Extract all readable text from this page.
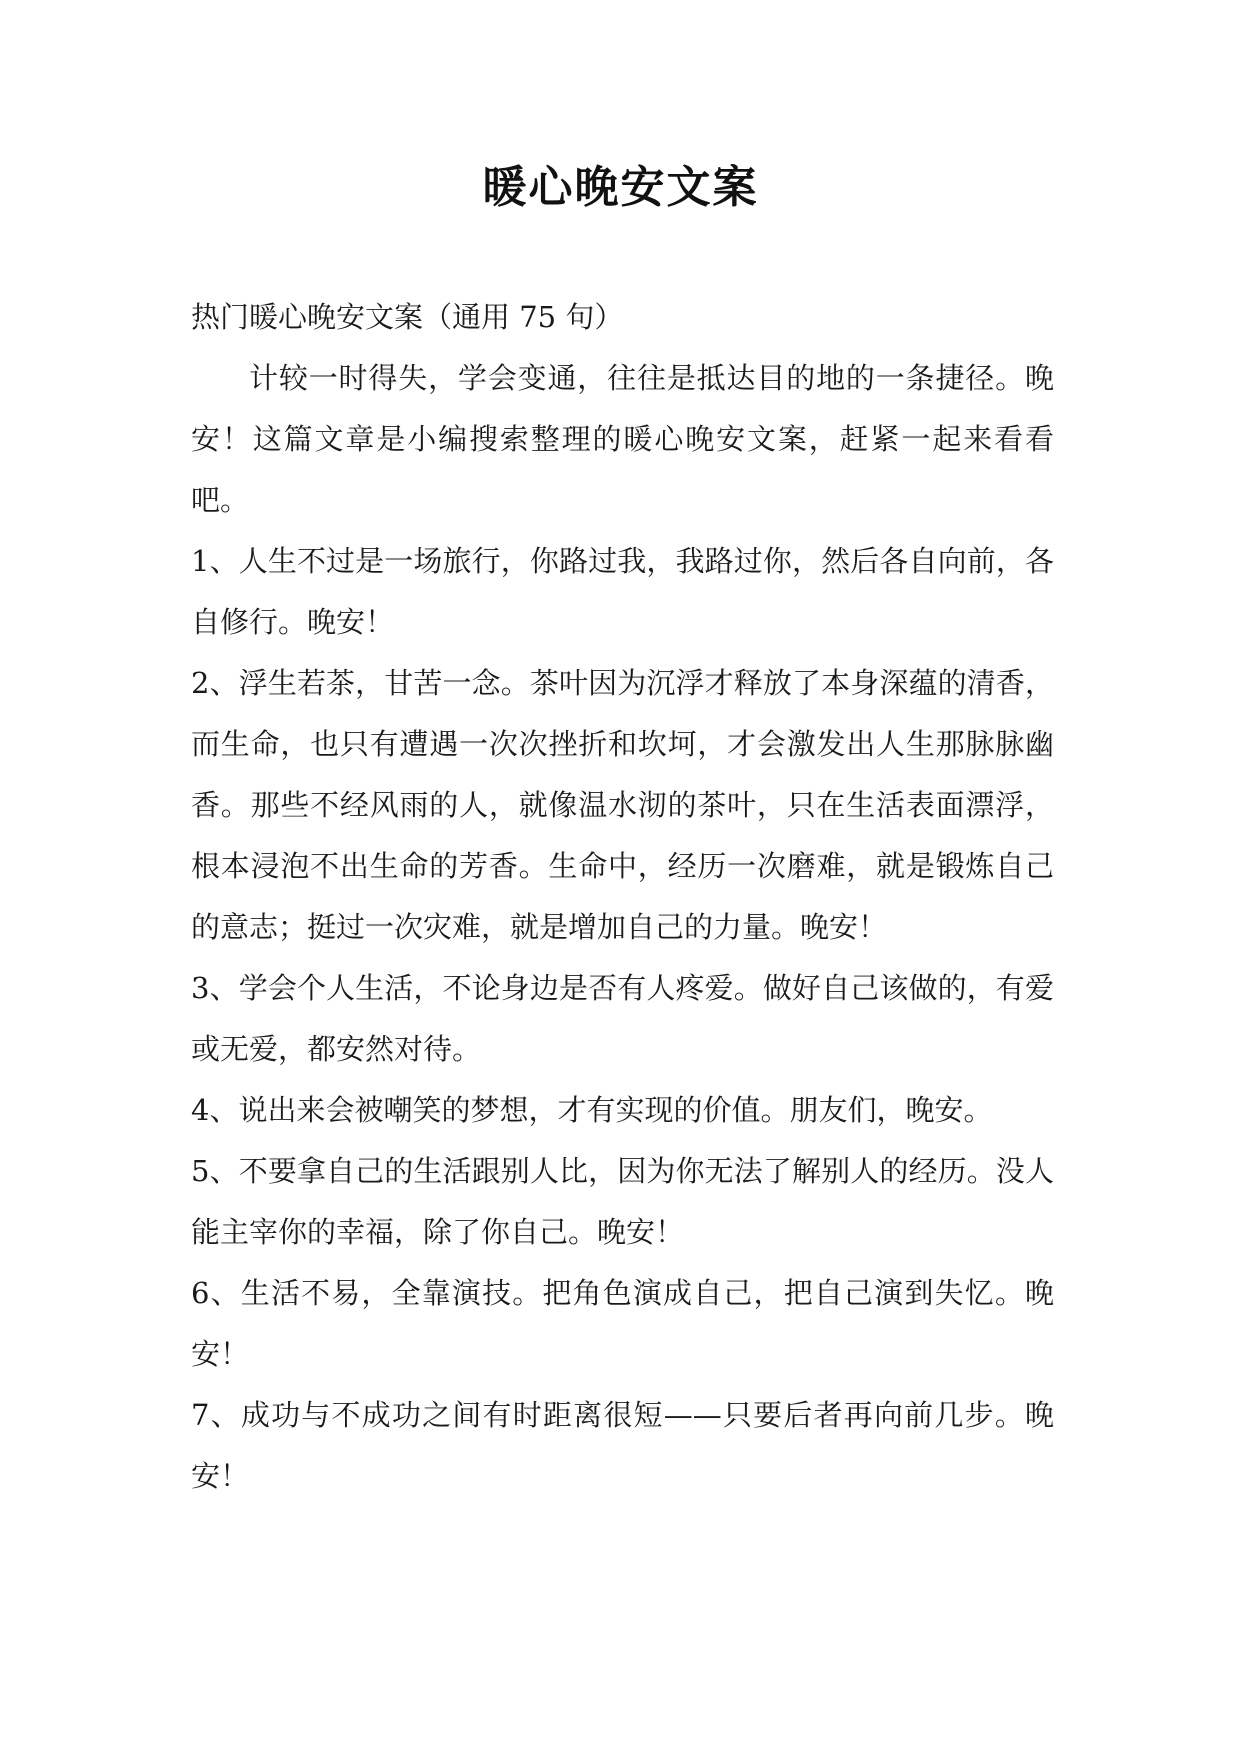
暖心晚安文案

热门暖心晚安文案（通用 75 句）

计较一时得失，学会变通，往往是抵达目的地的一条捷径。晚安！这篇文章是小编搜索整理的暖心晚安文案，赶紧一起来看看吧。

1、人生不过是一场旅行，你路过我，我路过你，然后各自向前，各自修行。晚安！

2、浮生若茶，甘苦一念。茶叶因为沉浮才释放了本身深蕴的清香，而生命，也只有遭遇一次次挫折和坎坷，才会激发出人生那脉脉幽香。那些不经风雨的人，就像温水沏的茶叶，只在生活表面漂浮，根本浸泡不出生命的芳香。生命中，经历一次磨难，就是锻炼自己的意志；挺过一次灾难，就是增加自己的力量。晚安！

3、学会个人生活，不论身边是否有人疼爱。做好自己该做的，有爱或无爱，都安然对待。

4、说出来会被嘲笑的梦想，才有实现的价值。朋友们，晚安。

5、不要拿自己的生活跟别人比，因为你无法了解别人的经历。没人能主宰你的幸福，除了你自己。晚安！

6、生活不易，全靠演技。把角色演成自己，把自己演到失忆。晚安！

7、成功与不成功之间有时距离很短——只要后者再向前几步。晚安！
